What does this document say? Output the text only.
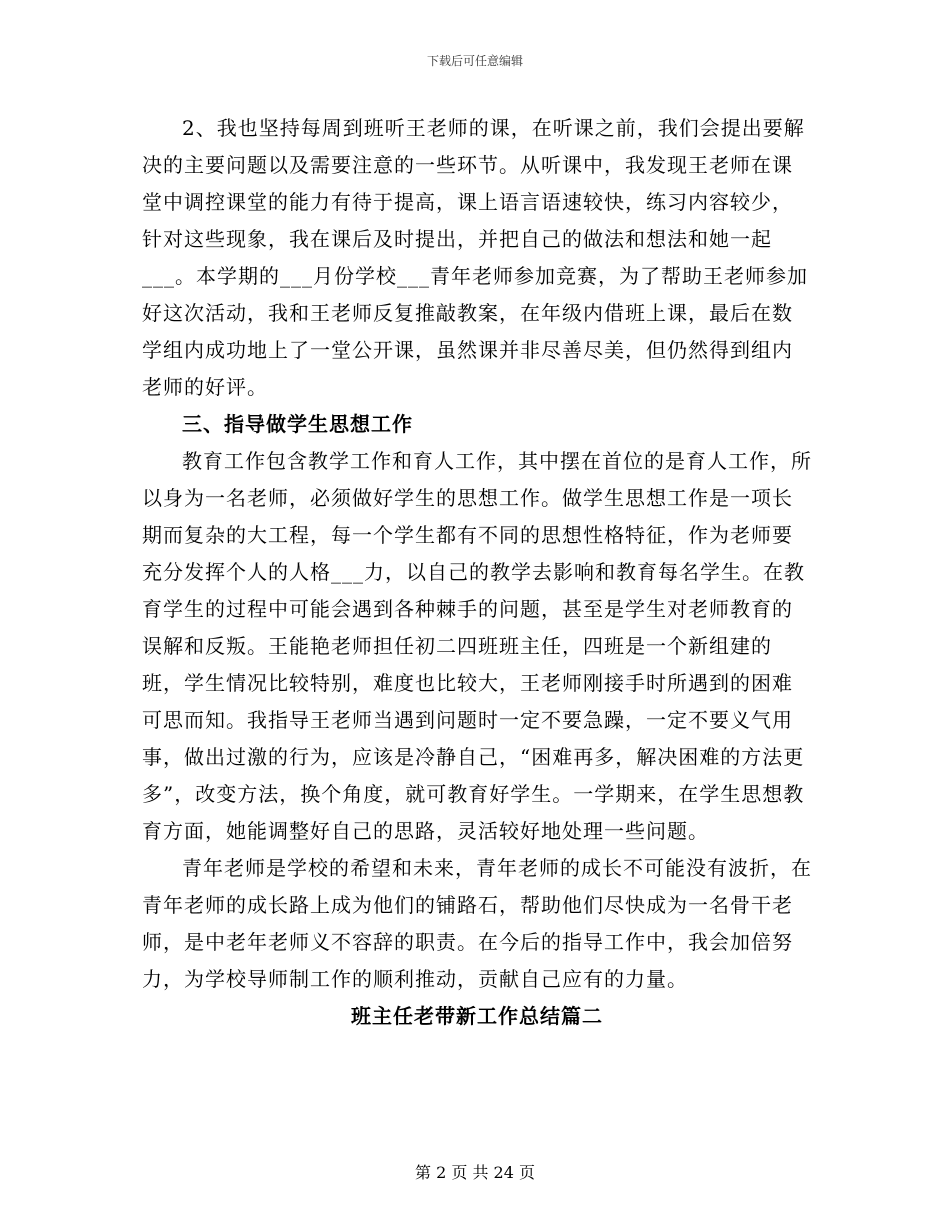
下载后可任意编辑

2、我也坚持每周到班听王老师的课，在听课之前，我们会提出要解决的主要问题以及需要注意的一些环节。从听课中，我发现王老师在课堂中调控课堂的能力有待于提高，课上语言语速较快，练习内容较少，针对这些现象，我在课后及时提出，并把自己的做法和想法和她一起___。本学期的___月份学校___青年老师参加竞赛，为了帮助王老师参加好这次活动，我和王老师反复推敲教案，在年级内借班上课，最后在数学组内成功地上了一堂公开课，虽然课并非尽善尽美，但仍然得到组内老师的好评。

三、指导做学生思想工作

教育工作包含教学工作和育人工作，其中摆在首位的是育人工作，所以身为一名老师，必须做好学生的思想工作。做学生思想工作是一项长期而复杂的大工程，每一个学生都有不同的思想性格特征，作为老师要充分发挥个人的人格___力，以自己的教学去影响和教育每名学生。在教育学生的过程中可能会遇到各种棘手的问题，甚至是学生对老师教育的误解和反叛。王能艳老师担任初二四班班主任，四班是一个新组建的班，学生情况比较特别，难度也比较大，王老师刚接手时所遇到的困难可思而知。我指导王老师当遇到问题时一定不要急躁，一定不要义气用事，做出过激的行为，应该是冷静自己，“困难再多，解决困难的方法更多”，改变方法，换个角度，就可教育好学生。一学期来，在学生思想教育方面，她能调整好自己的思路，灵活较好地处理一些问题。

青年老师是学校的希望和未来，青年老师的成长不可能没有波折，在青年老师的成长路上成为他们的铺路石，帮助他们尽快成为一名骨干老师，是中老年老师义不容辞的职责。在今后的指导工作中，我会加倍努力，为学校导师制工作的顺利推动，贡献自己应有的力量。

班主任老带新工作总结篇二

第 2 页 共 24 页
